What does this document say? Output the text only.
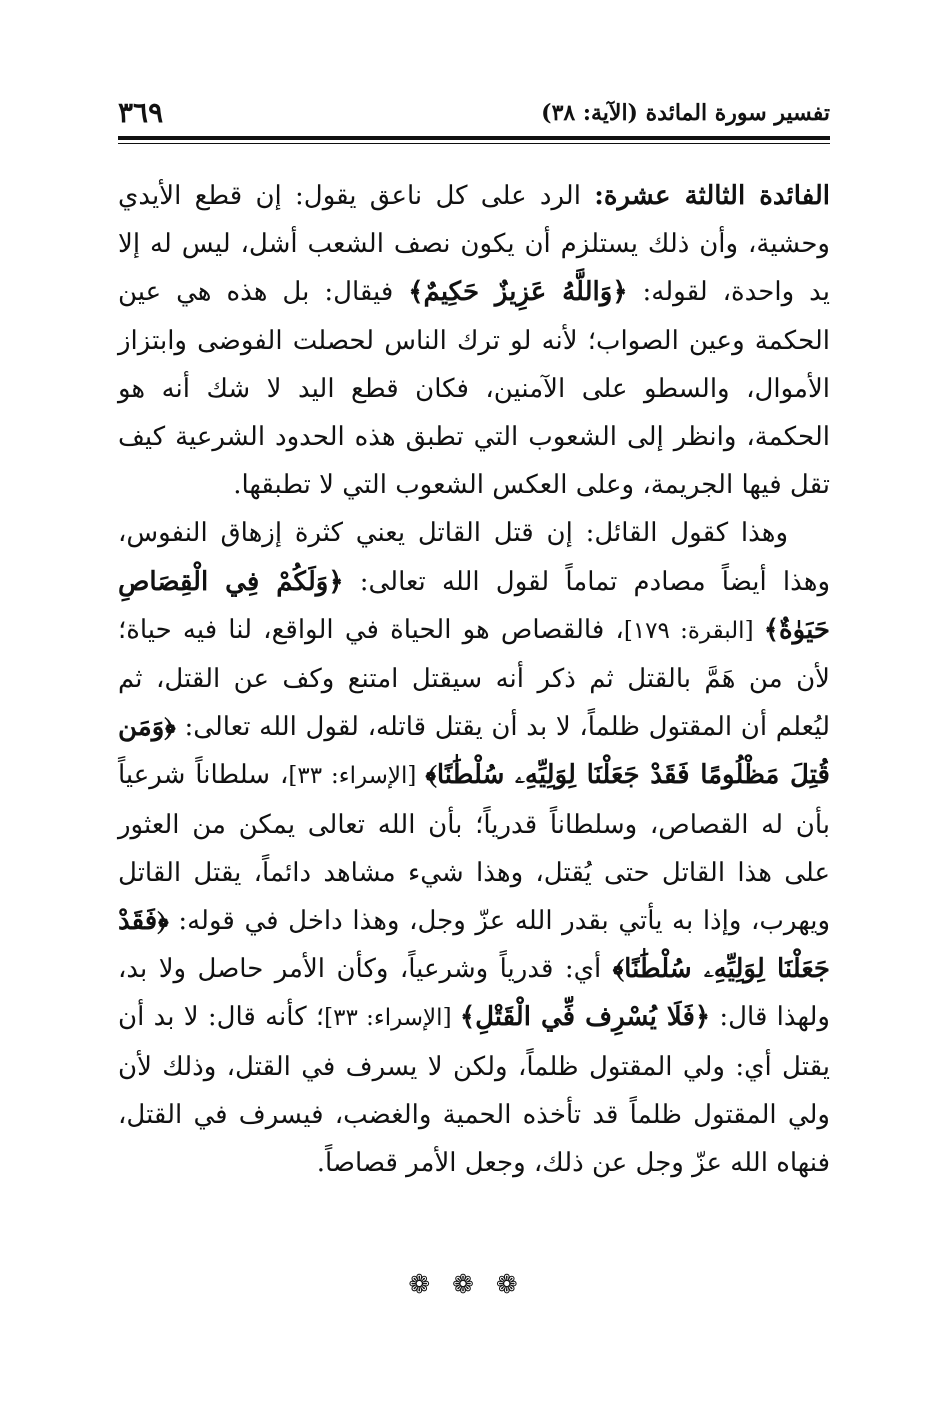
تفسير سورة المائدة (الآية: ٣٨)
٣٦٩

الفائدة الثالثة عشرة: الرد على كل ناعق يقول: إن قطع الأيدي وحشية، وأن ذلك يستلزم أن يكون نصف الشعب أشل، ليس له إلا يد واحدة، لقوله: ﴿وَاللَّهُ عَزِيزٌ حَكِيمٌ﴾ فيقال: بل هذه هي عين الحكمة وعين الصواب؛ لأنه لو ترك الناس لحصلت الفوضى وابتزاز الأموال، والسطو على الآمنين، فكان قطع اليد لا شك أنه هو الحكمة، وانظر إلى الشعوب التي تطبق هذه الحدود الشرعية كيف تقل فيها الجريمة، وعلى العكس الشعوب التي لا تطبقها.

وهذا كقول القائل: إن قتل القاتل يعني كثرة إزهاق النفوس، وهذا أيضاً مصادم تماماً لقول الله تعالى: ﴿وَلَكُمْ فِي الْقِصَاصِ حَيَوٰةٌ﴾ [البقرة: ١٧٩]، فالقصاص هو الحياة في الواقع، لنا فيه حياة؛ لأن من هَمَّ بالقتل ثم ذكر أنه سيقتل امتنع وكف عن القتل، ثم ليُعلم أن المقتول ظلماً، لا بد أن يقتل قاتله، لقول الله تعالى: ﴿وَمَن قُتِلَ مَظْلُومًا فَقَدْ جَعَلْنَا لِوَلِيِّهِۦ سُلْطَٰنًا﴾ [الإسراء: ٣٣]، سلطاناً شرعياً بأن له القصاص، وسلطاناً قدرياً؛ بأن الله تعالى يمكن من العثور على هذا القاتل حتى يُقتل، وهذا شيء مشاهد دائماً، يقتل القاتل ويهرب، وإذا به يأتي بقدر الله عزّ وجل، وهذا داخل في قوله: ﴿فَقَدْ جَعَلْنَا لِوَلِيِّهِۦ سُلْطَٰنًا﴾ أي: قدرياً وشرعياً، وكأن الأمر حاصل ولا بد، ولهذا قال: ﴿فَلَا يُسْرِف فِّي الْقَتْلِ﴾ [الإسراء: ٣٣]؛ كأنه قال: لا بد أن يقتل أي: ولي المقتول ظلماً، ولكن لا يسرف في القتل، وذلك لأن ولي المقتول ظلماً قد تأخذه الحمية والغضب، فيسرف في القتل، فنهاه الله عزّ وجل عن ذلك، وجعل الأمر قصاصاً.

❁❁❁
